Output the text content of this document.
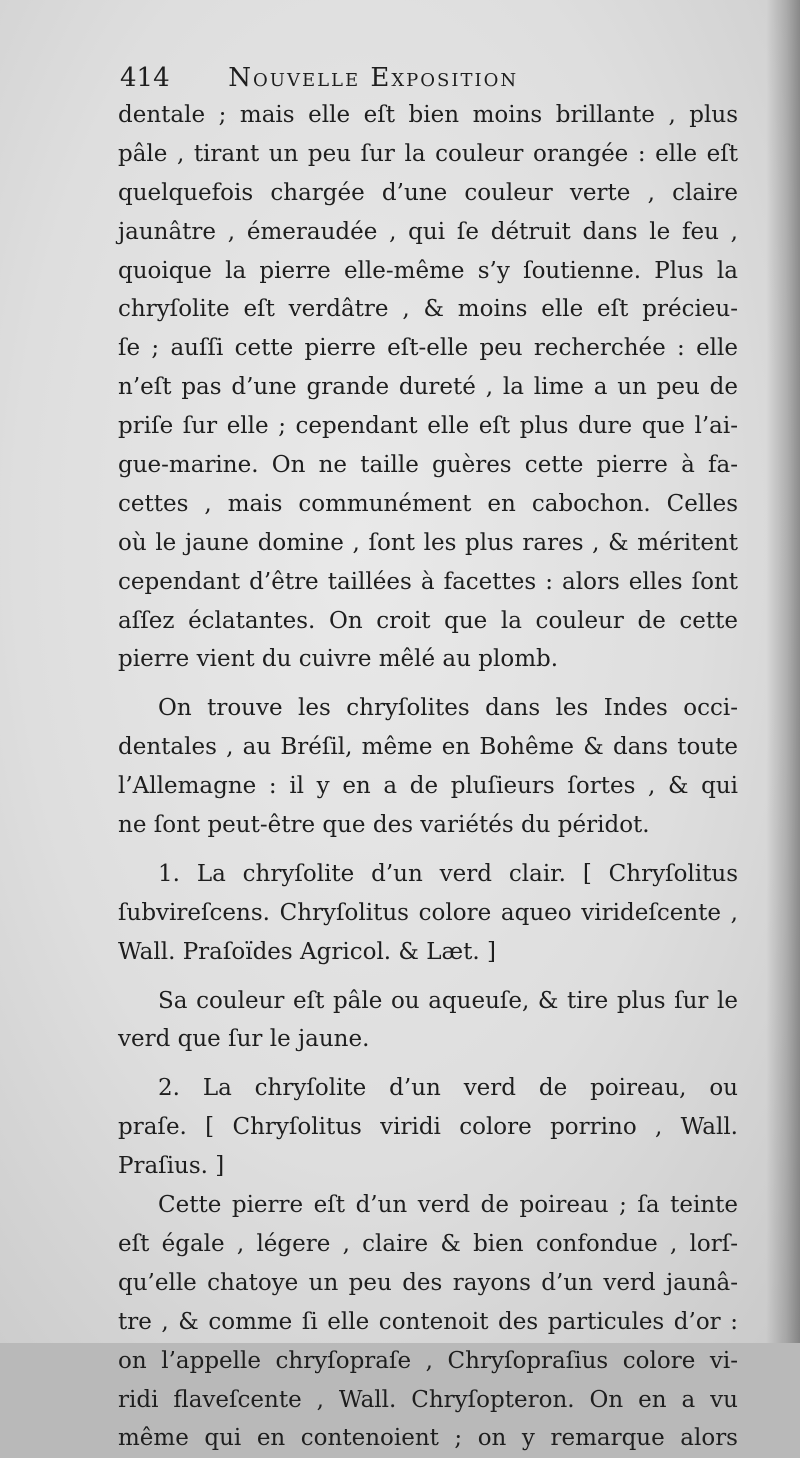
414 Nouvelle Exposition
dentale ; mais elle eſt bien moins brillante , plus
pâle , tirant un peu ſur la couleur orangée : elle eſt
quelquefois chargée d’une couleur verte , claire
jaunâtre , émeraudée , qui ſe détruit dans le feu ,
quoique la pierre elle-même s’y ſoutienne. Plus la
chryſolite eſt verdâtre , & moins elle eſt précieu-
ſe ; auſſi cette pierre eſt-elle peu recherchée : elle
n’eſt pas d’une grande dureté , la lime a un peu de
priſe ſur elle ; cependant elle eſt plus dure que l’ai-
gue-marine. On ne taille guères cette pierre à fa-
cettes , mais communément en cabochon. Celles
où le jaune domine , ſont les plus rares , & méritent
cependant d’être taillées à facettes : alors elles ſont
aſſez éclatantes. On croit que la couleur de cette
pierre vient du cuivre mêlé au plomb.
On trouve les chryſolites dans les Indes occi-
dentales , au Bréſil, même en Bohême & dans toute
l’Allemagne : il y en a de pluſieurs ſortes , & qui
ne ſont peut-être que des variétés du péridot.
1. La chryſolite d’un verd clair. [ Chryſolitus
ſubvireſcens. Chryſolitus colore aqueo virideſcente ,
Wall. Praſoïdes Agricol. & Læt. ]
Sa couleur eſt pâle ou aqueuſe, & tire plus ſur le
verd que ſur le jaune.
2. La chryſolite d’un verd de poireau, ou
praſe. [ Chryſolitus viridi colore porrino , Wall.
Praſius. ]
Cette pierre eſt d’un verd de poireau ; ſa teinte
eſt égale , légere , claire & bien confondue , lorſ-
qu’elle chatoye un peu des rayons d’un verd jaunâ-
tre , & comme ſi elle contenoit des particules d’or :
on l’appelle chryſopraſe , Chryſopraſius colore vi-
ridi flaveſcente , Wall. Chryſopteron. On en a vu
même qui en contenoient ; on y remarque alors
